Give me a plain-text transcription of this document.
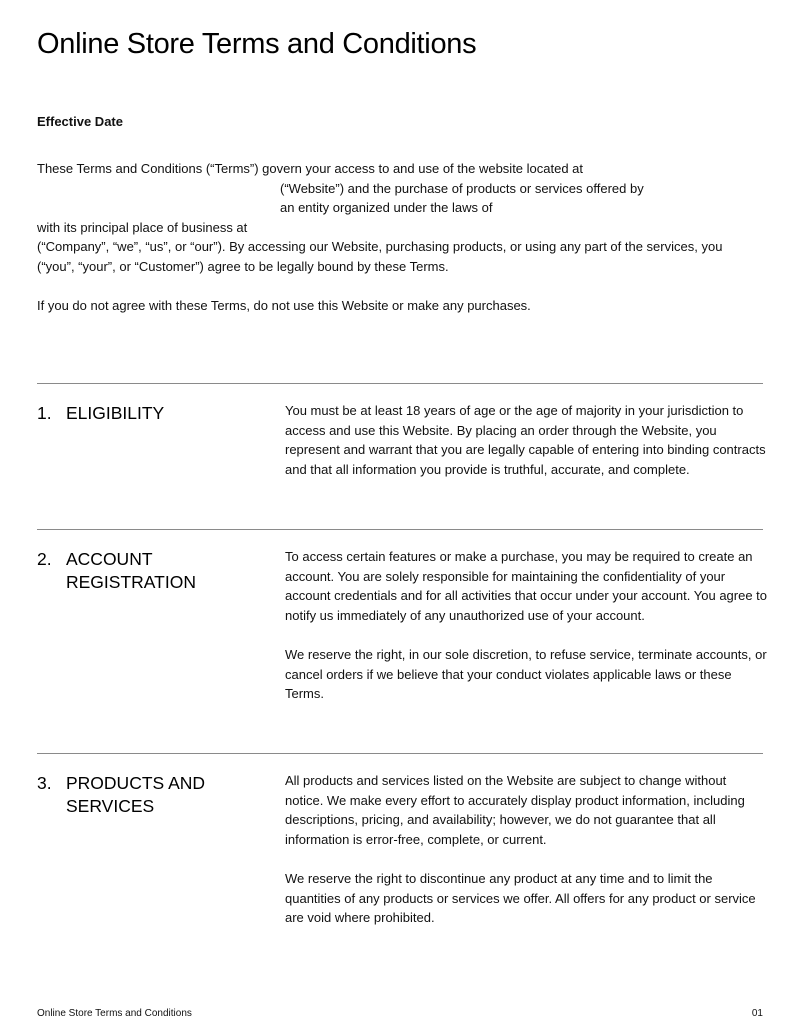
Online Store Terms and Conditions
Effective Date
These Terms and Conditions (“Terms”) govern your access to and use of the website located at
(“Website”) and the purchase of products or services offered by
an entity organized under the laws of
with its principal place of business at
(“Company”, “we”, “us”, or “our”). By accessing our Website, purchasing products, or using any part of the services, you
(“you”, “your”, or “Customer”) agree to be legally bound by these Terms.
If you do not agree with these Terms, do not use this Website or make any purchases.
1. ELIGIBILITY	You must be at least 18 years of age or the age of majority in your jurisdiction to access and use this Website. By placing an order through the Website, you represent and warrant that you are legally capable of entering into binding contracts and that all information you provide is truthful, accurate, and complete.

2. ACCOUNT REGISTRATION

To access certain features or make a purchase, you may be required to create an account. You are solely responsible for maintaining the confidentiality of your account credentials and for all activities that occur under your account. You agree to notify us immediately of any unauthorized use of your account.

We reserve the right, in our sole discretion, to refuse service, terminate accounts, or cancel orders if we believe that your conduct violates applicable laws or these Terms.

3. PRODUCTS AND SERVICES

All products and services listed on the Website are subject to change without notice. We make every effort to accurately display product information, including descriptions, pricing, and availability; however, we do not guarantee that all information is error-free, complete, or current.

We reserve the right to discontinue any product at any time and to limit the quantities of any products or services we offer. All offers for any product or service are void where prohibited.

Online Store Terms and Conditions	01
